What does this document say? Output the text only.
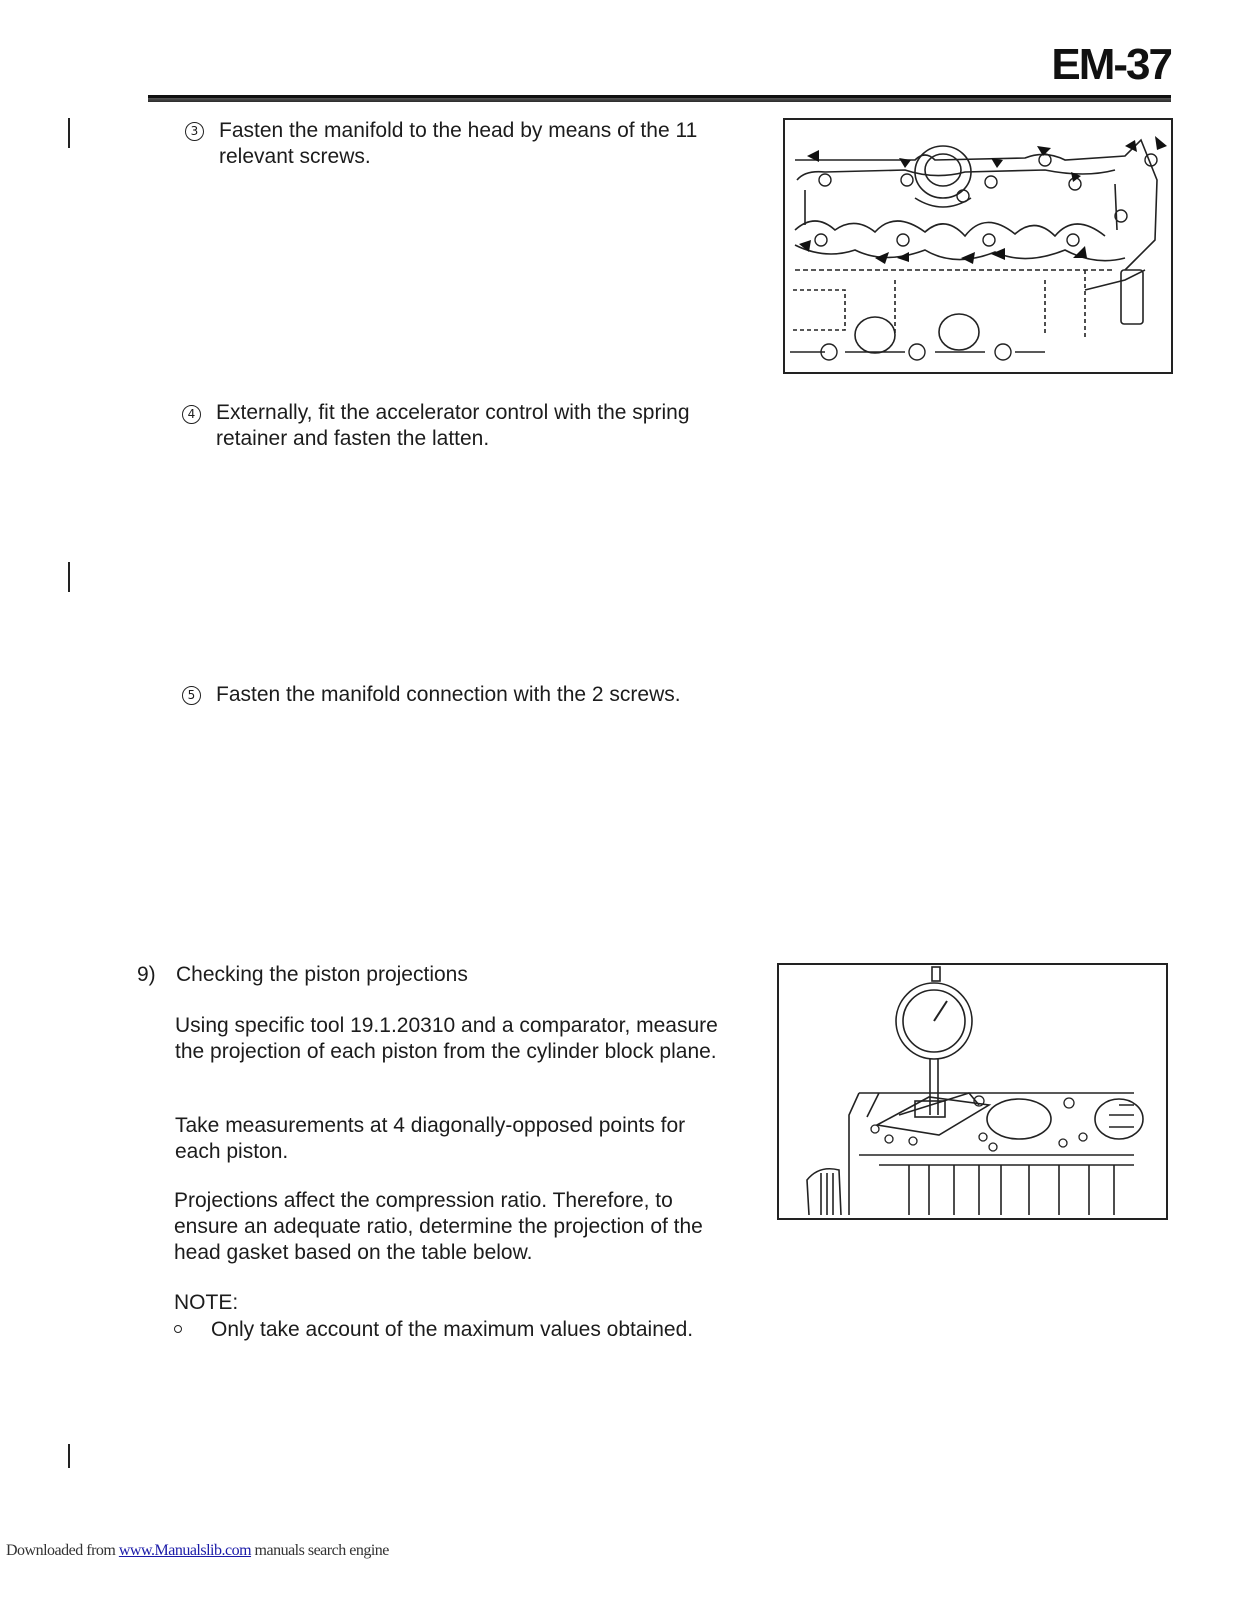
EM-37
3 Fasten the manifold to the head by means of the 11 relevant screws.

4 Externally, fit the accelerator control with the spring retainer and fasten the latten.

5 Fasten the manifold connection with the 2 screws.

9) Checking the piston projections

Using specific tool 19.1.20310 and a comparator, measure the projection of each piston from the cylinder block plane.

Take measurements at 4 diagonally-opposed points for each piston.

Projections affect the compression ratio. Therefore, to ensure an adequate ratio, determine the projection of the head gasket based on the table below.

NOTE:
Only take account of the maximum values obtained.
Downloaded from www.Manualslib.com manuals search engine
